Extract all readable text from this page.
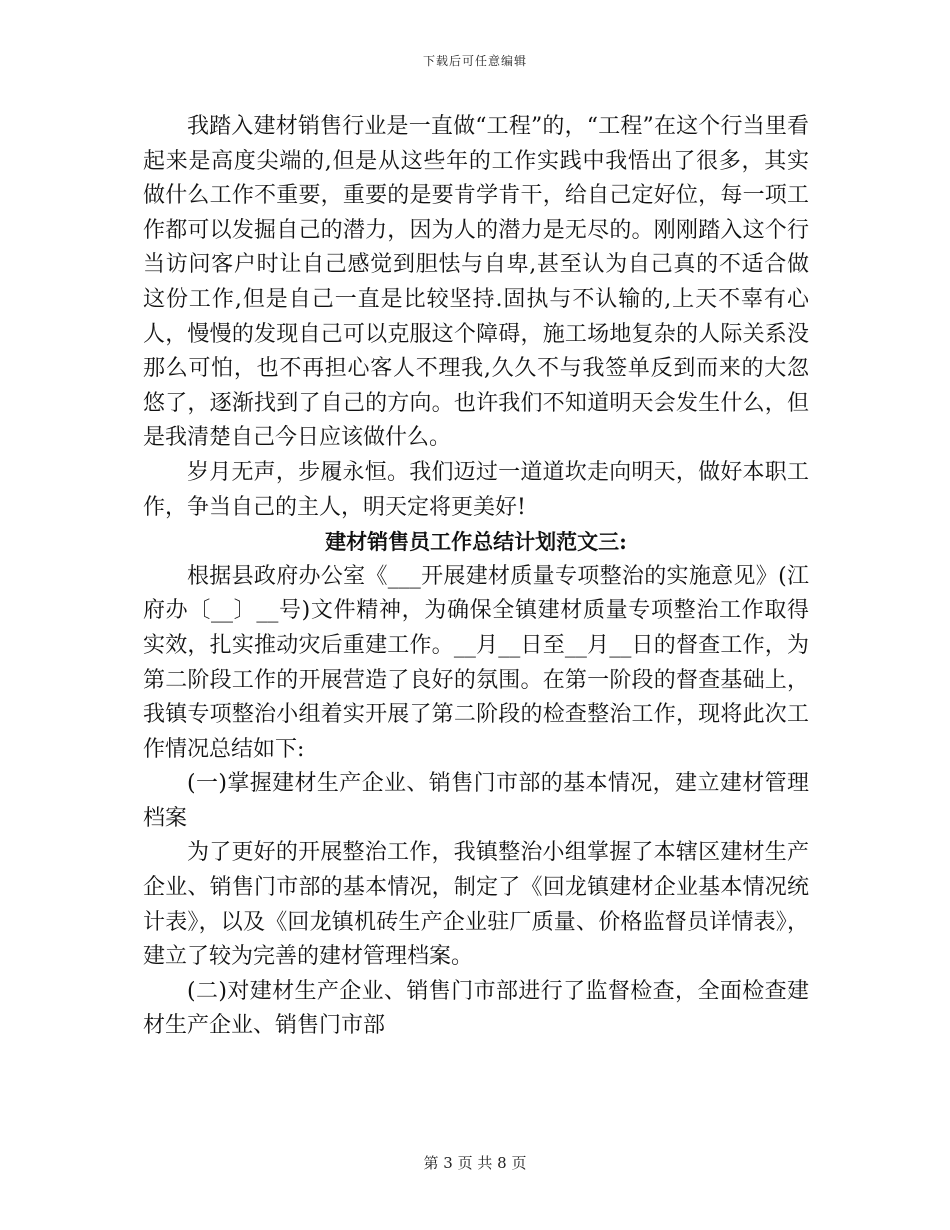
下载后可任意编辑

我踏入建材销售行业是一直做“工程”的，“工程”在这个行当里看起来是高度尖端的,但是从这些年的工作实践中我悟出了很多，其实做什么工作不重要，重要的是要肯学肯干，给自己定好位，每一项工作都可以发掘自己的潜力，因为人的潜力是无尽的。刚刚踏入这个行当访问客户时让自己感觉到胆怯与自卑,甚至认为自己真的不适合做这份工作,但是自己一直是比较坚持.固执与不认输的,上天不辜有心人，慢慢的发现自己可以克服这个障碍，施工场地复杂的人际关系没那么可怕，也不再担心客人不理我,久久不与我签单反到而来的大忽悠了，逐渐找到了自己的方向。也许我们不知道明天会发生什么，但是我清楚自己今日应该做什么。

岁月无声，步履永恒。我们迈过一道道坎走向明天，做好本职工作，争当自己的主人，明天定将更美好!

建材销售员工作总结计划范文三:

根据县政府办公室《___开展建材质量专项整治的实施意见》(江府办〔__〕__号)文件精神，为确保全镇建材质量专项整治工作取得实效，扎实推动灾后重建工作。__月__日至__月__日的督查工作，为第二阶段工作的开展营造了良好的氛围。在第一阶段的督查基础上，我镇专项整治小组着实开展了第二阶段的检查整治工作，现将此次工作情况总结如下:

(一)掌握建材生产企业、销售门市部的基本情况，建立建材管理档案

为了更好的开展整治工作，我镇整治小组掌握了本辖区建材生产企业、销售门市部的基本情况，制定了《回龙镇建材企业基本情况统计表》，以及《回龙镇机砖生产企业驻厂质量、价格监督员详情表》，建立了较为完善的建材管理档案。

(二)对建材生产企业、销售门市部进行了监督检查，全面检查建材生产企业、销售门市部

第 3 页 共 8 页
